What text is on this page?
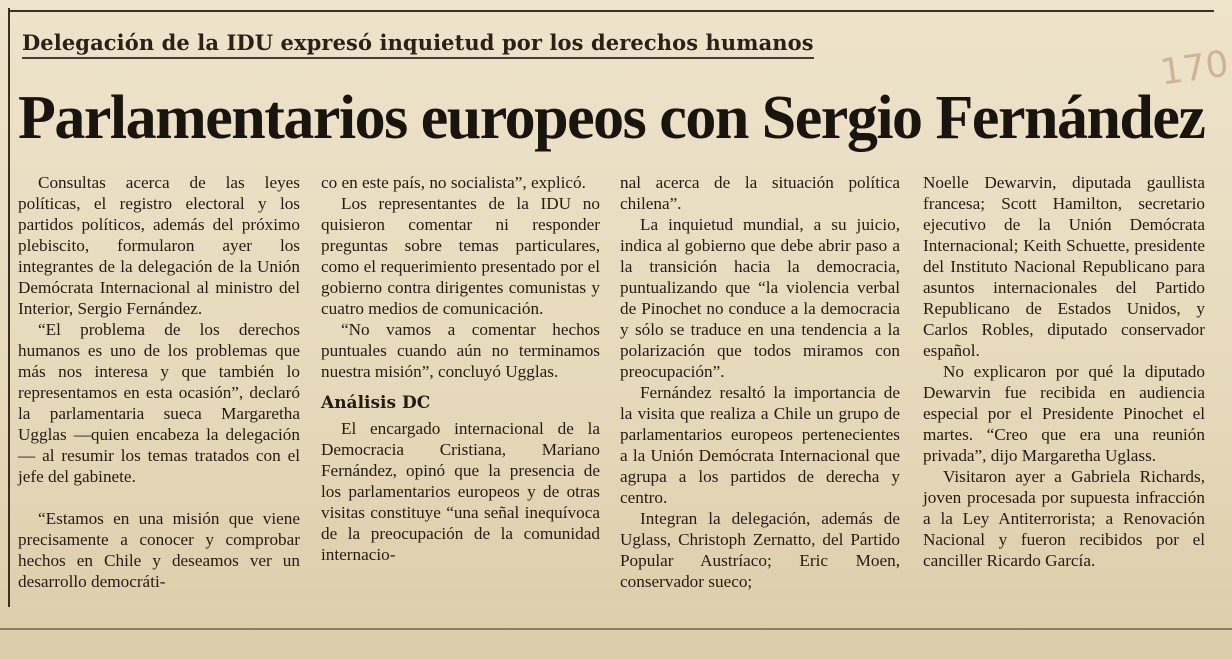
Delegación de la IDU expresó inquietud por los derechos humanos
Parlamentarios europeos con Sergio Fernández
170

Consultas acerca de las leyes políticas, el registro electoral y los partidos políticos, además del próximo plebiscito, formularon ayer los integrantes de la delegación de la Unión Demócrata Internacional al ministro del Interior, Sergio Fernández.

“El problema de los derechos humanos es uno de los problemas que más nos interesa y que también lo representamos en esta ocasión”, declaró la parlamentaria sueca Margaretha Ugglas —quien encabeza la delegación— al resumir los temas tratados con el jefe del gabinete.

“Estamos en una misión que viene precisamente a conocer y comprobar hechos en Chile y deseamos ver un desarrollo democráti-

co en este país, no socialista”, explicó.

Los representantes de la IDU no quisieron comentar ni responder preguntas sobre temas particulares, como el requerimiento presentado por el gobierno contra dirigentes comunistas y cuatro medios de comunicación.

“No vamos a comentar hechos puntuales cuando aún no terminamos nuestra misión”, concluyó Ugglas.

Análisis DC

El encargado internacional de la Democracia Cristiana, Mariano Fernández, opinó que la presencia de los parlamentarios europeos y de otras visitas constituye “una señal inequívoca de la preocupación de la comunidad internacio-

nal acerca de la situación política chilena”.

La inquietud mundial, a su juicio, indica al gobierno que debe abrir paso a la transición hacia la democracia, puntualizando que “la violencia verbal de Pinochet no conduce a la democracia y sólo se traduce en una tendencia a la polarización que todos miramos con preocupación”.

Fernández resaltó la importancia de la visita que realiza a Chile un grupo de parlamentarios europeos pertenecientes a la Unión Demócrata Internacional que agrupa a los partidos de derecha y centro.

Integran la delegación, además de Uglass, Christoph Zernatto, del Partido Popular Austríaco; Eric Moen, conservador sueco;

Noelle Dewarvin, diputada gaullista francesa; Scott Hamilton, secretario ejecutivo de la Unión Demócrata Internacional; Keith Schuette, presidente del Instituto Nacional Republicano para asuntos internacionales del Partido Republicano de Estados Unidos, y Carlos Robles, diputado conservador español.

No explicaron por qué la diputado Dewarvin fue recibida en audiencia especial por el Presidente Pinochet el martes. “Creo que era una reunión privada”, dijo Margaretha Uglass.

Visitaron ayer a Gabriela Richards, joven procesada por supuesta infracción a la Ley Antiterrorista; a Renovación Nacional y fueron recibidos por el canciller Ricardo García.
